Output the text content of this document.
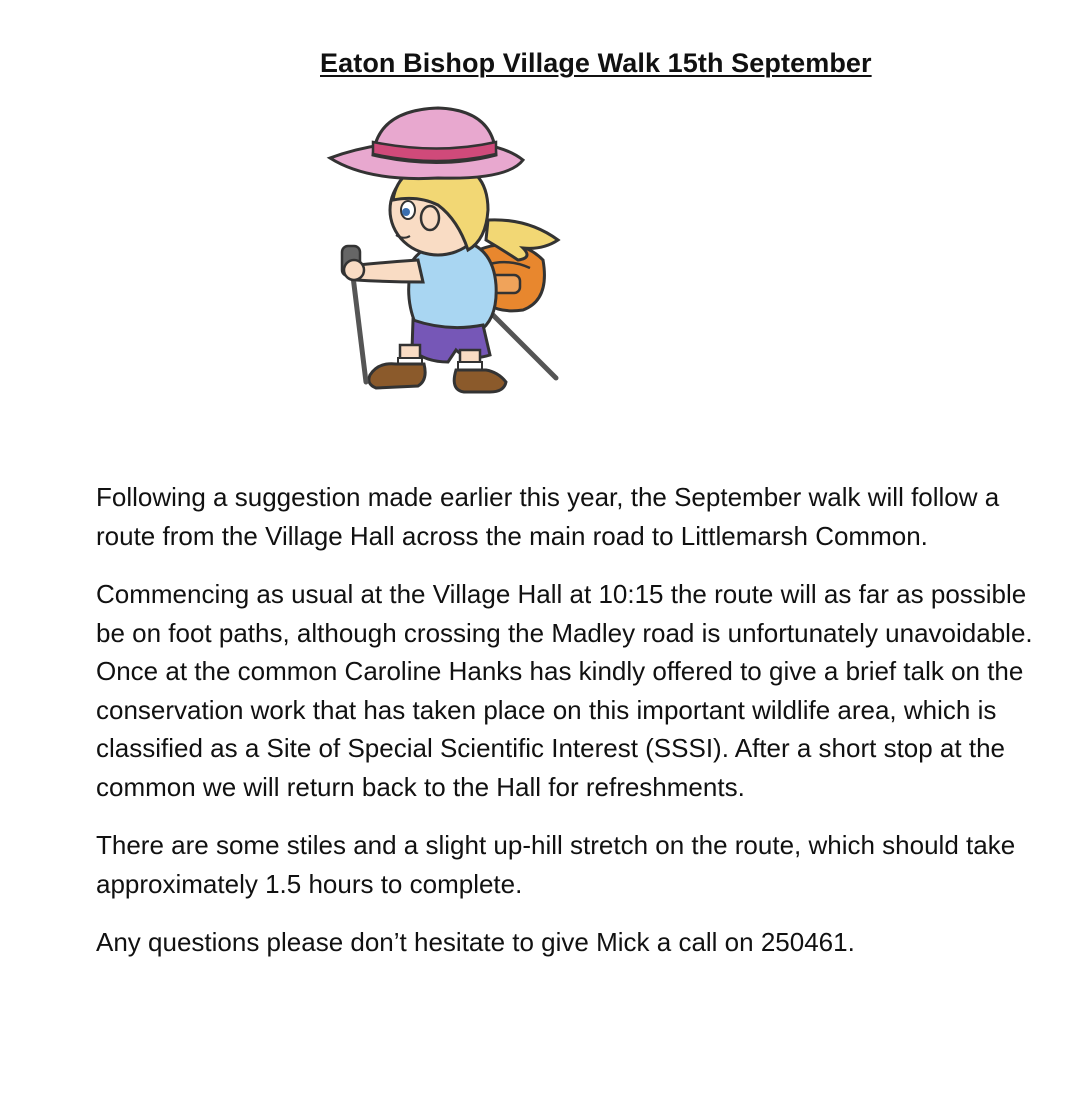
Eaton Bishop Village Walk 15th September

Following a suggestion made earlier this year, the September walk will follow a route from the Village Hall across the main road to Littlemarsh Common.

Commencing as usual at the Village Hall at 10:15 the route will as far as possible be on foot paths, although crossing the Madley road is unfortunately unavoidable. Once at the common Caroline Hanks has kindly offered to give a brief talk on the conservation work that has taken place on this important wildlife area, which is classified as a Site of Special Scientific Interest (SSSI). After a short stop at the common we will return back to the Hall for refreshments.

There are some stiles and a slight up-hill stretch on the route, which should take approximately 1.5 hours to complete.

Any questions please don’t hesitate to give Mick a call on 250461.
